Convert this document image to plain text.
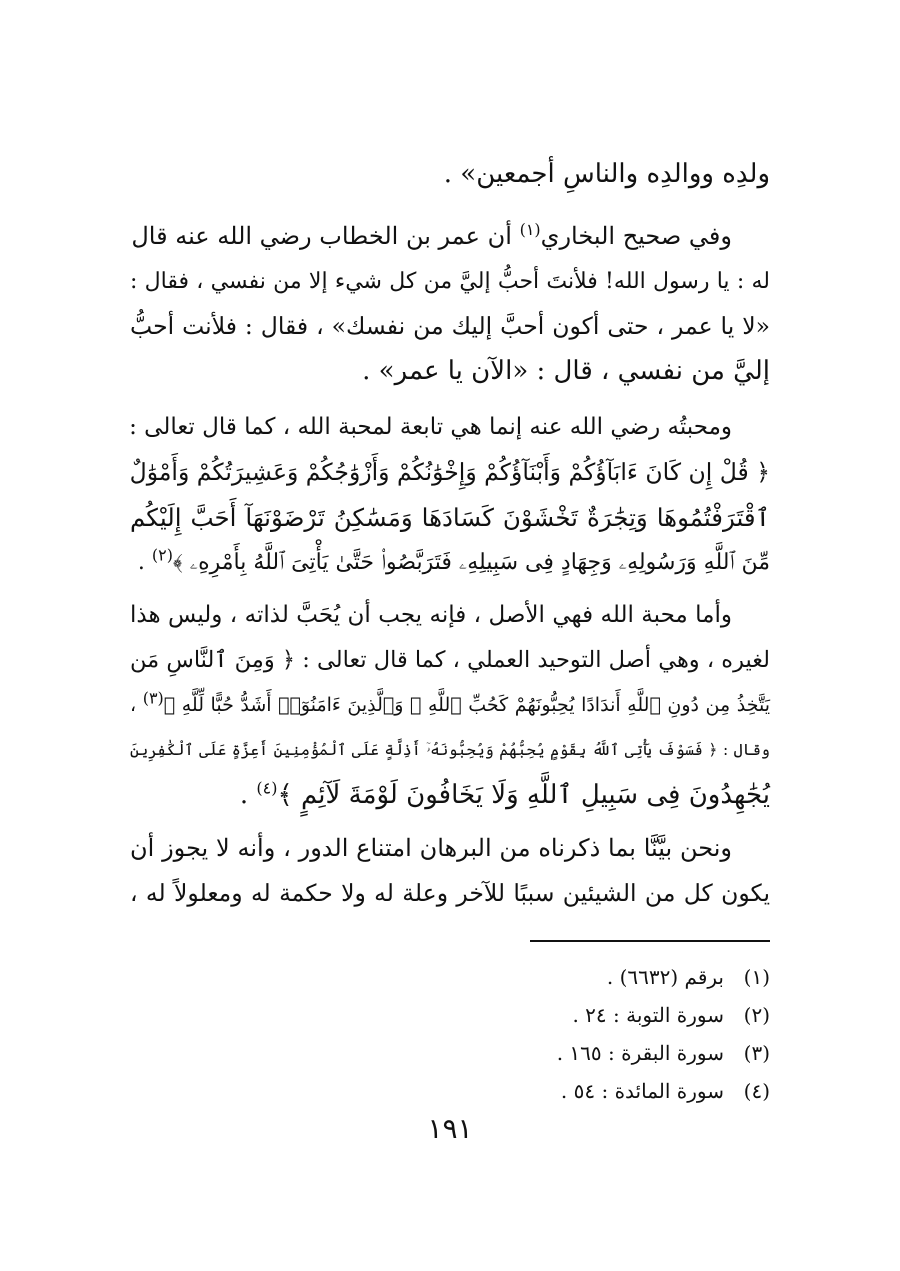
ولدِه ووالدِه والناسِ أجمعين» .
وفي صحيح البخاري$^{(١)}$ أن عمر بن الخطاب رضي الله عنه قال
له : يا رسول الله! فلأنتَ أحبُّ إليَّ من كل شيء إلا من نفسي ، فقال :
«لا يا عمر ، حتى أكون أحبَّ إليك من نفسك» ، فقال : فلأنت أحبُّ
إليَّ من نفسي ، قال : «الآن يا عمر» .
ومحبتُه رضي الله عنه إنما هي تابعة لمحبة الله ، كما قال تعالى :
﴿ قُلْ إِن كَانَ ءَابَآؤُكُمْ وَأَبْنَآؤُكُمْ وَإِخْوَٰنُكُمْ وَأَزْوَٰجُكُمْ وَعَشِيرَتُكُمْ وَأَمْوَٰلٌ
ٱقْتَرَفْتُمُوهَا وَتِجَٰرَةٌ تَخْشَوْنَ كَسَادَهَا وَمَسَٰكِنُ تَرْضَوْنَهَآ أَحَبَّ إِلَيْكُم
مِّنَ ٱللَّهِ وَرَسُولِهِۦ وَجِهَادٍ فِى سَبِيلِهِۦ فَتَرَبَّصُوا۟ حَتَّىٰ يَأْتِىَ ٱللَّهُ بِأَمْرِهِۦ ﴾$^{(٢)}$ .
وأما محبة الله فهي الأصل ، فإنه يجب أن يُحَبَّ لذاته ، وليس هذا
لغيره ، وهي أصل التوحيد العملي ، كما قال تعالى : ﴿ وَمِنَ ٱلنَّاسِ مَن
يَتَّخِذُ مِن دُونِ ٱللَّهِ أَندَادًا يُحِبُّونَهُمْ كَحُبِّ ٱللَّهِ ۖ وَٱلَّذِينَ ءَامَنُوٓا۟ أَشَدُّ حُبًّا لِّلَّهِ ﴾$^{(٣)}$ ،
وقال : ﴿ فَسَوْفَ يَأْتِى ٱللَّهُ بِقَوْمٍ يُحِبُّهُمْ وَيُحِبُّونَهُۥٓ أَذِلَّةٍ عَلَى ٱلْمُؤْمِنِينَ أَعِزَّةٍ عَلَى ٱلْكَٰفِرِينَ
يُجَٰهِدُونَ فِى سَبِيلِ ٱللَّهِ وَلَا يَخَافُونَ لَوْمَةَ لَآئِمٍ ﴾$^{(٤)}$ .
ونحن بيَّنَّا بما ذكرناه من البرهان امتناع الدور ، وأنه لا يجوز أن
يكون كل من الشيئين سببًا للآخر وعلة له ولا حكمة له ومعلولاً له ،
(١)
برقم (٦٦٣٢) .
(٢)
سورة التوبة : ٢٤ .
(٣)
سورة البقرة : ١٦٥ .
(٤)
سورة المائدة : ٥٤ .
١٩١
